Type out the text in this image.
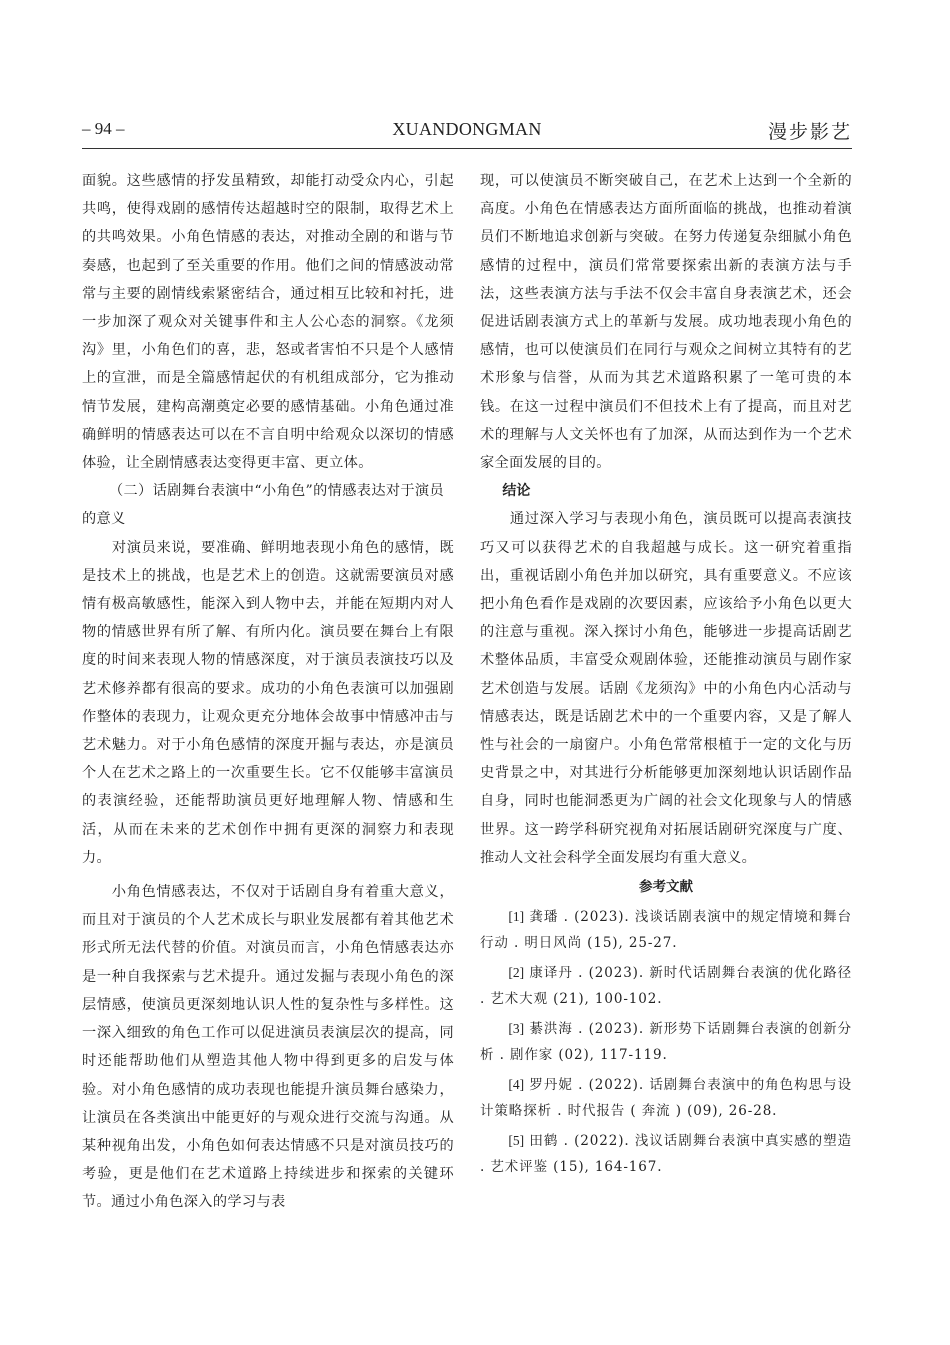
– 94 –	XUANDONGMAN	漫步影艺

面貌。这些感情的抒发虽精致，却能打动受众内心，引起共鸣，使得戏剧的感情传达超越时空的限制，取得艺术上的共鸣效果。小角色情感的表达，对推动全剧的和谐与节奏感，也起到了至关重要的作用。他们之间的情感波动常常与主要的剧情线索紧密结合，通过相互比较和衬托，进一步加深了观众对关键事件和主人公心态的洞察。《龙须沟》里，小角色们的喜，悲，怒或者害怕不只是个人感情上的宣泄，而是全篇感情起伏的有机组成部分，它为推动情节发展，建构高潮奠定必要的感情基础。小角色通过准确鲜明的情感表达可以在不言自明中给观众以深切的情感体验，让全剧情感表达变得更丰富、更立体。

（二）话剧舞台表演中“小角色”的情感表达对于演员的意义

对演员来说，要准确、鲜明地表现小角色的感情，既是技术上的挑战，也是艺术上的创造。这就需要演员对感情有极高敏感性，能深入到人物中去，并能在短期内对人物的情感世界有所了解、有所内化。演员要在舞台上有限度的时间来表现人物的情感深度，对于演员表演技巧以及艺术修养都有很高的要求。成功的小角色表演可以加强剧作整体的表现力，让观众更充分地体会故事中情感冲击与艺术魅力。对于小角色感情的深度开掘与表达，亦是演员个人在艺术之路上的一次重要生长。它不仅能够丰富演员的表演经验，还能帮助演员更好地理解人物、情感和生活，从而在未来的艺术创作中拥有更深的洞察力和表现力。

小角色情感表达，不仅对于话剧自身有着重大意义，而且对于演员的个人艺术成长与职业发展都有着其他艺术形式所无法代替的价值。对演员而言，小角色情感表达亦是一种自我探索与艺术提升。通过发掘与表现小角色的深层情感，使演员更深刻地认识人性的复杂性与多样性。这一深入细致的角色工作可以促进演员表演层次的提高，同时还能帮助他们从塑造其他人物中得到更多的启发与体验。对小角色感情的成功表现也能提升演员舞台感染力，让演员在各类演出中能更好的与观众进行交流与沟通。从某种视角出发，小角色如何表达情感不只是对演员技巧的考验，更是他们在艺术道路上持续进步和探索的关键环节。通过小角色深入的学习与表

现，可以使演员不断突破自己，在艺术上达到一个全新的高度。小角色在情感表达方面所面临的挑战，也推动着演员们不断地追求创新与突破。在努力传递复杂细腻小角色感情的过程中，演员们常常要探索出新的表演方法与手法，这些表演方法与手法不仅会丰富自身表演艺术，还会促进话剧表演方式上的革新与发展。成功地表现小角色的感情，也可以使演员们在同行与观众之间树立其特有的艺术形象与信誉，从而为其艺术道路积累了一笔可贵的本钱。在这一过程中演员们不但技术上有了提高，而且对艺术的理解与人文关怀也有了加深，从而达到作为一个艺术家全面发展的目的。

结论

通过深入学习与表现小角色，演员既可以提高表演技巧又可以获得艺术的自我超越与成长。这一研究着重指出，重视话剧小角色并加以研究，具有重要意义。不应该把小角色看作是戏剧的次要因素，应该给予小角色以更大的注意与重视。深入探讨小角色，能够进一步提高话剧艺术整体品质，丰富受众观剧体验，还能推动演员与剧作家艺术创造与发展。话剧《龙须沟》中的小角色内心活动与情感表达，既是话剧艺术中的一个重要内容，又是了解人性与社会的一扇窗户。小角色常常根植于一定的文化与历史背景之中，对其进行分析能够更加深刻地认识话剧作品自身，同时也能洞悉更为广阔的社会文化现象与人的情感世界。这一跨学科研究视角对拓展话剧研究深度与广度、推动人文社会科学全面发展均有重大意义。

参考文献

[1] 龚璠 . (2023). 浅谈话剧表演中的规定情境和舞台行动 . 明日风尚 (15), 25-27.

[2] 康译丹 . (2023). 新时代话剧舞台表演的优化路径 . 艺术大观 (21), 100-102.

[3] 綦洪海 . (2023). 新形势下话剧舞台表演的创新分析 . 剧作家 (02), 117-119.

[4] 罗丹妮 . (2022). 话剧舞台表演中的角色构思与设计策略探析 . 时代报告 ( 奔流 ) (09), 26-28.

[5] 田鹤 . (2022). 浅议话剧舞台表演中真实感的塑造 . 艺术评鉴 (15), 164-167.
